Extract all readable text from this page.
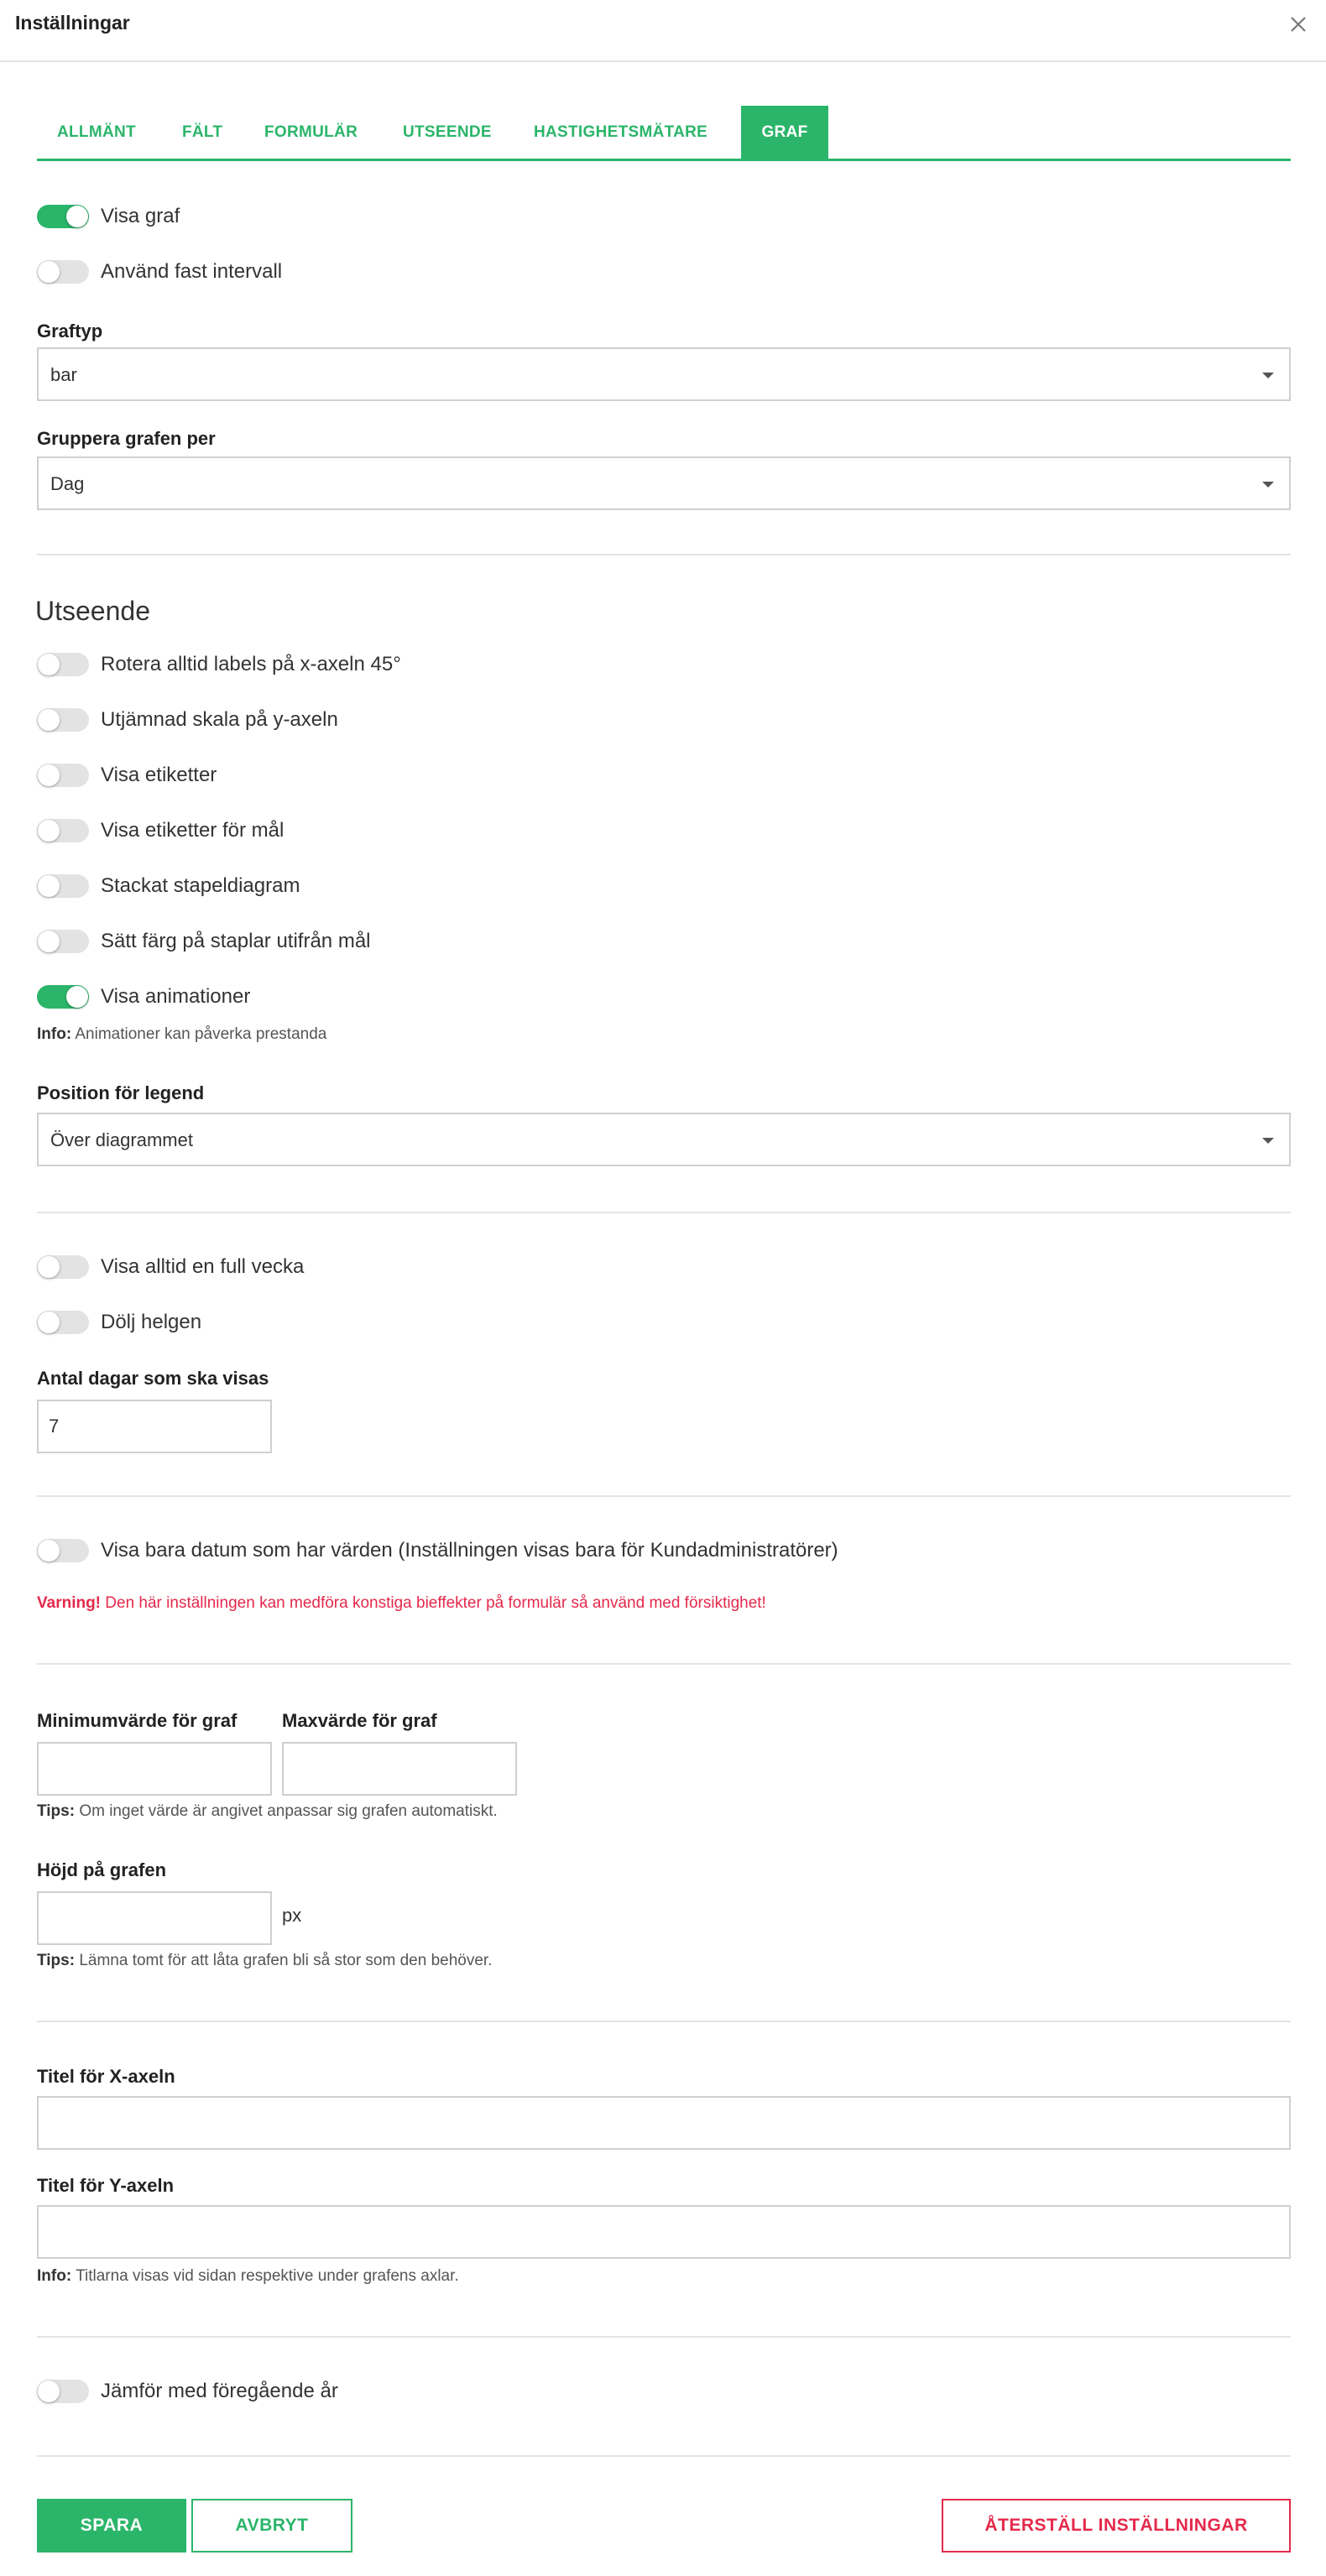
Inställningar
ALLMÄNT	FÄLT	FORMULÄR	UTSEENDE	HASTIGHETSMÄTARE	GRAF
Visa graf
Använd fast intervall
Graftyp
bar
Gruppera grafen per
Dag
Utseende
Rotera alltid labels på x-axeln 45°
Utjämnad skala på y-axeln
Visa etiketter
Visa etiketter för mål
Stackat stapeldiagram
Sätt färg på staplar utifrån mål
Visa animationer
Info: Animationer kan påverka prestanda
Position för legend
Över diagrammet
Visa alltid en full vecka
Dölj helgen
Antal dagar som ska visas
7
Visa bara datum som har värden (Inställningen visas bara för Kundadministratörer)
Varning! Den här inställningen kan medföra konstiga bieffekter på formulär så använd med försiktighet!
Minimumvärde för graf Maxvärde för graf
Tips: Om inget värde är angivet anpassar sig grafen automatiskt.
Höjd på grafen
px
Tips: Lämna tomt för att låta grafen bli så stor som den behöver.
Titel för X-axeln
Titel för Y-axeln
Info: Titlarna visas vid sidan respektive under grafens axlar.
Jämför med föregående år
SPARA	AVBRYT	ÅTERSTÄLL INSTÄLLNINGAR
